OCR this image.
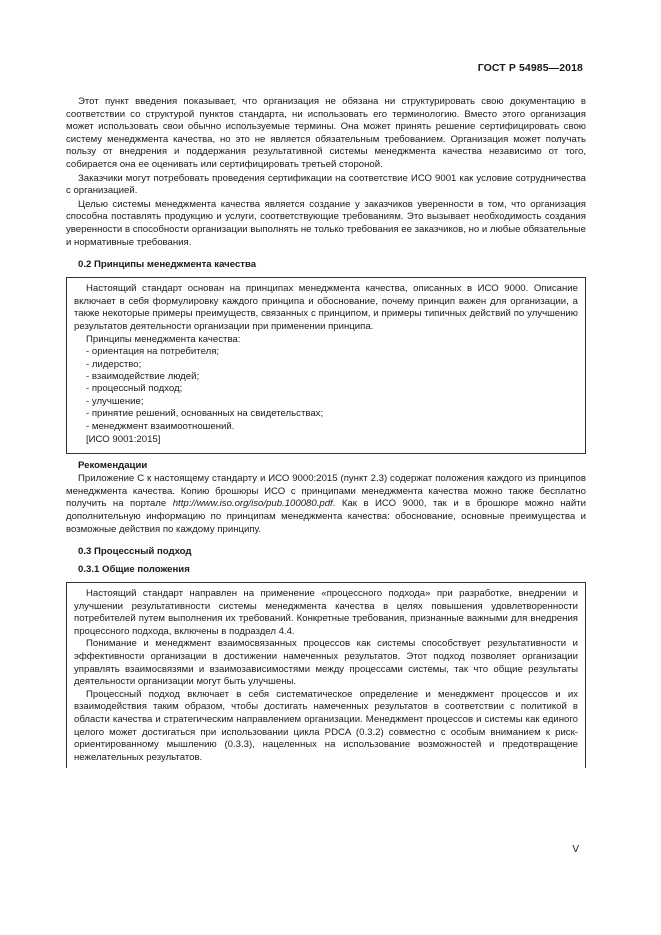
ГОСТ Р 54985—2018

Этот пункт введения показывает, что организация не обязана ни структурировать свою документацию в соответствии со структурой пунктов стандарта, ни использовать его терминологию. Вместо этого организация может использовать свои обычно используемые термины. Она может принять решение сертифицировать свою систему менеджмента качества, но это не является обязательным требованием. Организация может получать пользу от внедрения и поддержания результативной системы менеджмента качества независимо от того, собирается она ее оценивать или сертифицировать третьей стороной.

Заказчики могут потребовать проведения сертификации на соответствие ИСО 9001 как условие сотрудничества с организацией.

Целью системы менеджмента качества является создание у заказчиков уверенности в том, что организация способна поставлять продукцию и услуги, соответствующие требованиям. Это вызывает необходимость создания уверенности в способности организации выполнять не только требования ее заказчиков, но и любые обязательные и нормативные требования.

0.2 Принципы менеджмента качества

Настоящий стандарт основан на принципах менеджмента качества, описанных в ИСО 9000. Описание включает в себя формулировку каждого принципа и обоснование, почему принцип важен для организации, а также некоторые примеры преимуществ, связанных с принципом, и примеры типичных действий по улучшению результатов деятельности организации при применении принципа.

Принципы менеджмента качества:
- ориентация на потребителя;
- лидерство;
- взаимодействие людей;
- процессный подход;
- улучшение;
- принятие решений, основанных на свидетельствах;
- менеджмент взаимоотношений.
[ИСО 9001:2015]
Рекомендации

Приложение С к настоящему стандарту и ИСО 9000:2015 (пункт 2.3) содержат положения каждого из принципов менеджмента качества. Копию брошюры ИСО с принципами менеджмента качества можно также бесплатно получить на портале http://www.iso.org/iso/pub.100080.pdf. Как в ИСО 9000, так и в брошюре можно найти дополнительную информацию по принципам менеджмента качества: обоснование, основные преимущества и возможные действия по каждому принципу.

0.3 Процессный подход
0.3.1 Общие положения

Настоящий стандарт направлен на применение «процессного подхода» при разработке, внедрении и улучшении результативности системы менеджмента качества в целях повышения удовлетворенности потребителей путем выполнения их требований. Конкретные требования, признанные важными для внедрения процессного подхода, включены в подраздел 4.4.

Понимание и менеджмент взаимосвязанных процессов как системы способствует результативности и эффективности организации в достижении намеченных результатов. Этот подход позволяет организации управлять взаимосвязями и взаимозависимостями между процессами системы, так что общие результаты деятельности организации могут быть улучшены.

Процессный подход включает в себя систематическое определение и менеджмент процессов и их взаимодействия таким образом, чтобы достигать намеченных результатов в соответствии с политикой в области качества и стратегическим направлением организации. Менеджмент процессов и системы как единого целого может достигаться при использовании цикла PDCA (0.3.2) совместно с особым вниманием к риск-ориентированному мышлению (0.3.3), нацеленных на использование возможностей и предотвращение нежелательных результатов.

V
